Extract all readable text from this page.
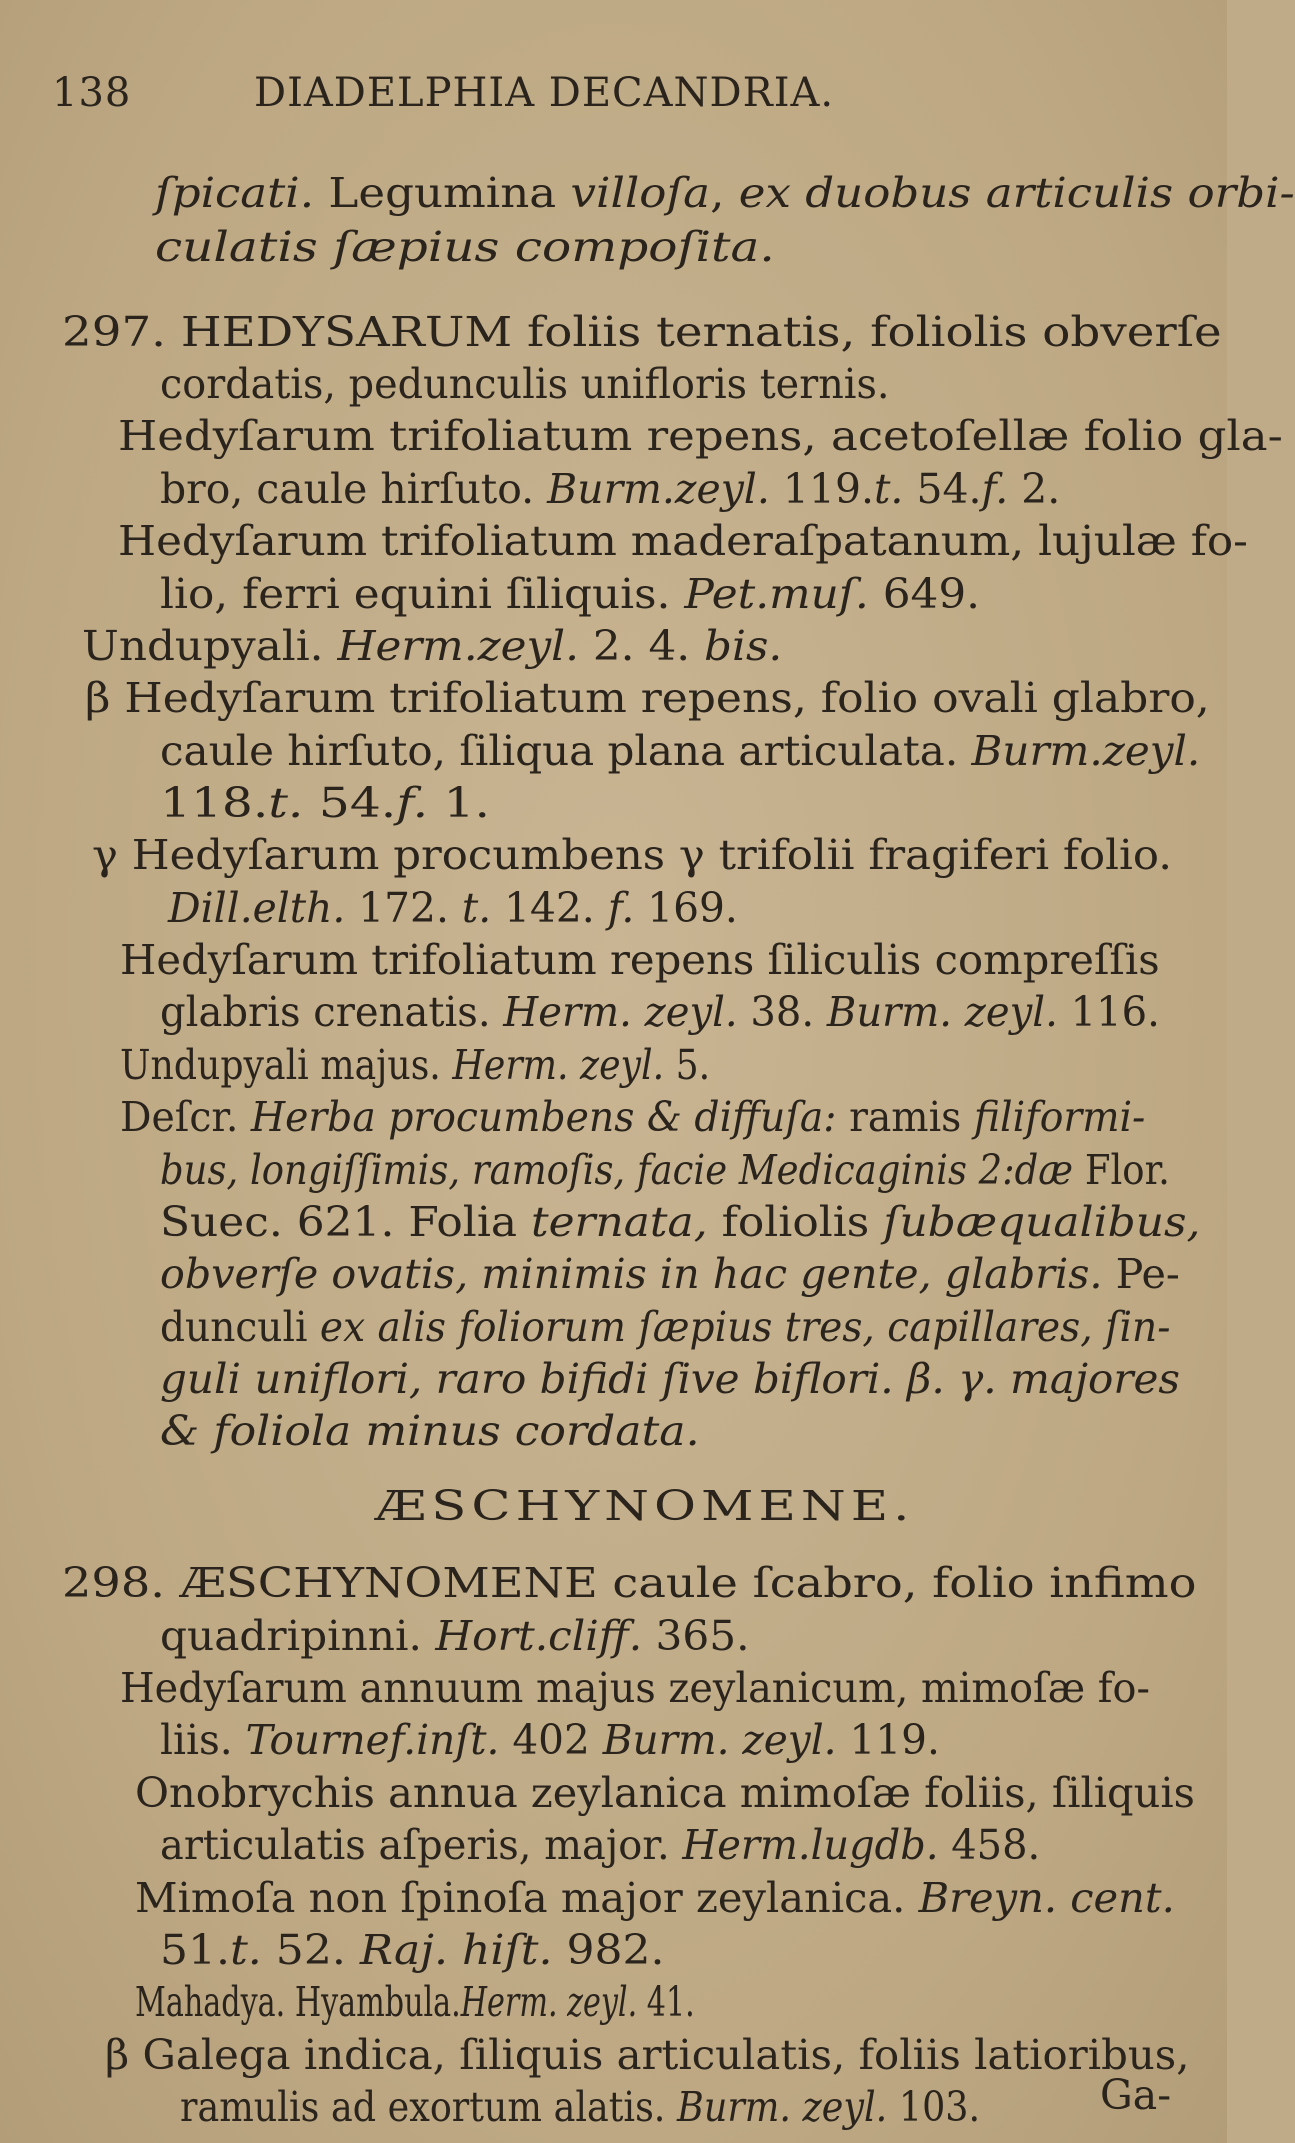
138	DIADELPHIA DECANDRIA.
ſpicati. Legumina villoſa, ex duobus articulis orbi-
culatis ſæpius compoſita.
297. HEDYSARUM foliis ternatis, foliolis obverſe
cordatis, pedunculis unifloris ternis.
Hedyſarum trifoliatum repens, acetoſellæ folio gla-
bro, caule hirſuto. Burm.zeyl. 119.t. 54.f. 2.
Hedyſarum trifoliatum maderaſpatanum, lujulæ fo-
lio, ferri equini ſiliquis. Pet.muſ. 649.
Undupyali. Herm.zeyl. 2. 4. bis.
β Hedyſarum trifoliatum repens, folio ovali glabro,
caule hirſuto, ſiliqua plana articulata. Burm.zeyl.
118.t. 54.f. 1.
γ Hedyſarum procumbens γ trifolii fragiferi folio.
Dill.elth. 172. t. 142. f. 169.
Hedyſarum trifoliatum repens ſiliculis compreſſis
glabris crenatis. Herm. zeyl. 38. Burm. zeyl. 116.
Undupyali majus. Herm. zeyl. 5.
Deſcr. Herba procumbens & diffuſa: ramis filiformi-
bus, longiſſimis, ramoſis, facie Medicaginis 2:dæ Flor.
Suec. 621. Folia ternata, foliolis ſubæqualibus,
obverſe ovatis, minimis in hac gente, glabris. Pe-
dunculi ex alis foliorum ſæpius tres, capillares, ſin-
guli uniflori, raro bifidi ſive biflori. β. γ. majores
& foliola minus cordata.
ÆSCHYNOMENE.
298. ÆSCHYNOMENE caule ſcabro, folio infimo
quadripinni. Hort.cliff. 365.
Hedyſarum annuum majus zeylanicum, mimoſæ fo-
liis. Tournef.inſt. 402 Burm. zeyl. 119.
Onobrychis annua zeylanica mimoſæ foliis, ſiliquis
articulatis aſperis, major. Herm.lugdb. 458.
Mimoſa non ſpinoſa major zeylanica. Breyn. cent.
51.t. 52. Raj. hiſt. 982.
Mahadya. Hyambula.Herm. zeyl. 41.
β Galega indica, ſiliquis articulatis, foliis latioribus,
ramulis ad exortum alatis. Burm. zeyl. 103.	Ga-
